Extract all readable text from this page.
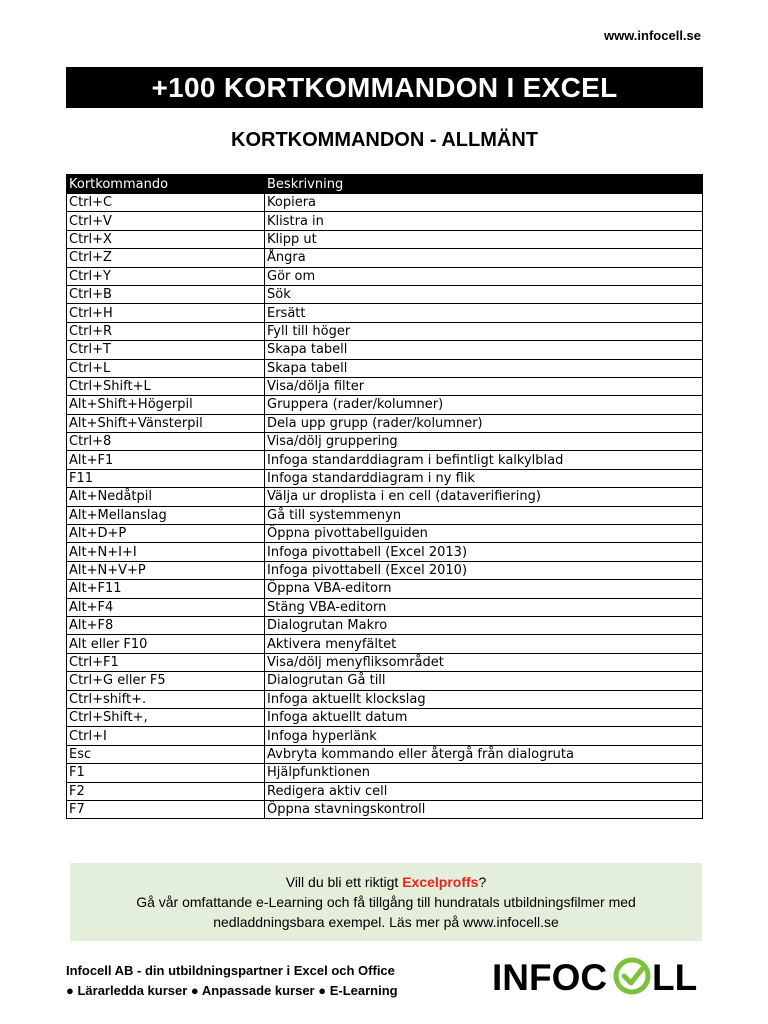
www.infocell.se
+100 KORTKOMMANDON I EXCEL
KORTKOMMANDON - ALLMÄNT
Kortkommando	Beskrivning
Ctrl+C	Kopiera
Ctrl+V	Klistra in
Ctrl+X	Klipp ut
Ctrl+Z	Ångra
Ctrl+Y	Gör om
Ctrl+B	Sök
Ctrl+H	Ersätt
Ctrl+R	Fyll till höger
Ctrl+T	Skapa tabell
Ctrl+L	Skapa tabell
Ctrl+Shift+L	Visa/dölja filter
Alt+Shift+Högerpil	Gruppera (rader/kolumner)
Alt+Shift+Vänsterpil	Dela upp grupp (rader/kolumner)
Ctrl+8	Visa/dölj gruppering
Alt+F1	Infoga standarddiagram i befintligt kalkylblad
F11	Infoga standarddiagram i ny flik
Alt+Nedåtpil	Välja ur droplista i en cell (dataverifiering)
Alt+Mellanslag	Gå till systemmenyn
Alt+D+P	Öppna pivottabellguiden
Alt+N+I+I	Infoga pivottabell (Excel 2013)
Alt+N+V+P	Infoga pivottabell (Excel 2010)
Alt+F11	Öppna VBA-editorn
Alt+F4	Stäng VBA-editorn
Alt+F8	Dialogrutan Makro
Alt eller F10	Aktivera menyfältet
Ctrl+F1	Visa/dölj menyfliksområdet
Ctrl+G eller F5	Dialogrutan Gå till
Ctrl+shift+.	Infoga aktuellt klockslag
Ctrl+Shift+,	Infoga aktuellt datum
Ctrl+I	Infoga hyperlänk
Esc	Avbryta kommando eller återgå från dialogruta
F1	Hjälpfunktionen
F2	Redigera aktiv cell
F7	Öppna stavningskontroll
Vill du bli ett riktigt Excelproffs?
Gå vår omfattande e-Learning och få tillgång till hundratals utbildningsfilmer med
nedladdningsbara exempel. Läs mer på www.infocell.se
Infocell AB - din utbildningspartner i Excel och Office
● Lärarledda kurser ● Anpassade kurser ● E-Learning	INFOC LL
